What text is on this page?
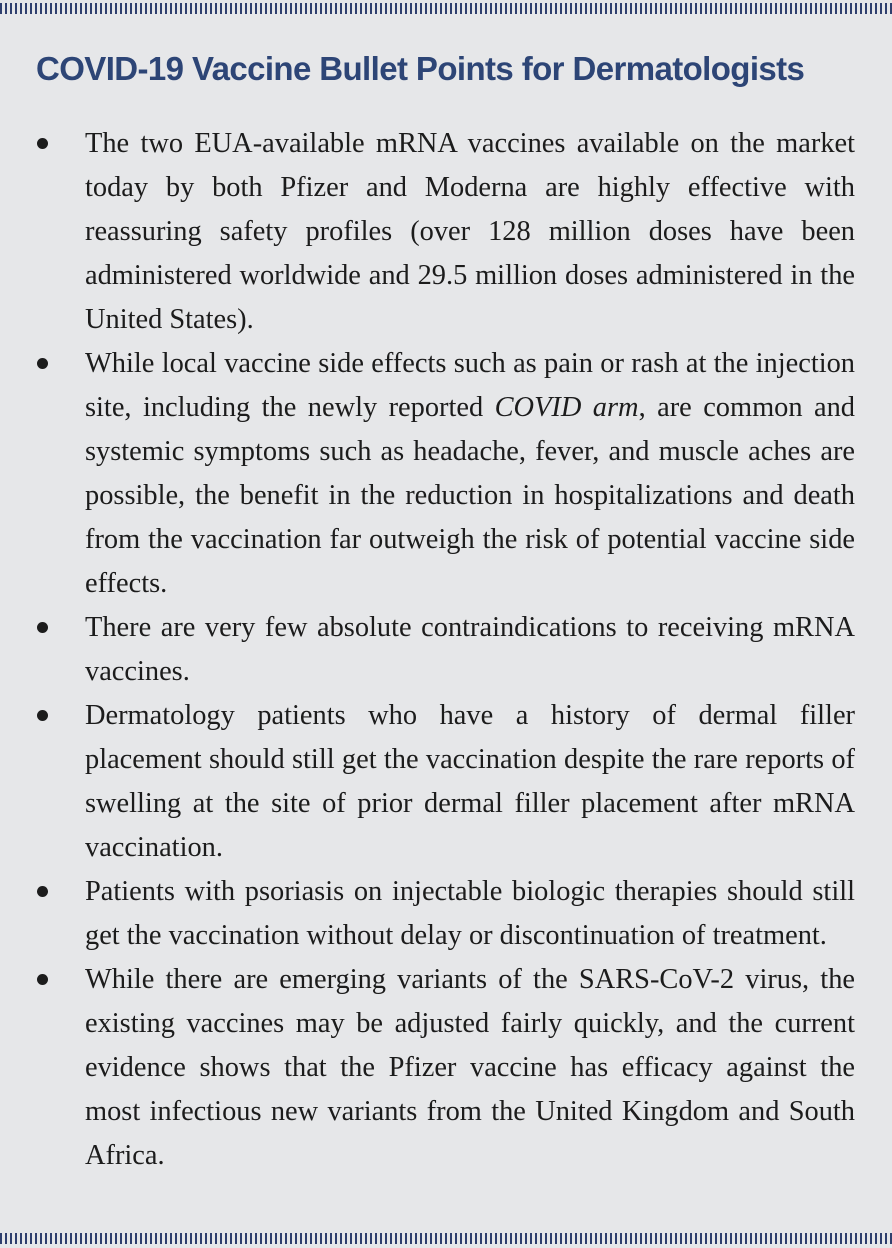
COVID-19 Vaccine Bullet Points for Dermatologists
The two EUA-available mRNA vaccines available on the market today by both Pfizer and Moderna are highly effective with reassuring safety profiles (over 128 million doses have been administered worldwide and 29.5 million doses administered in the United States).
While local vaccine side effects such as pain or rash at the injection site, including the newly reported COVID arm, are common and systemic symptoms such as headache, fever, and muscle aches are possible, the benefit in the reduction in hospitalizations and death from the vaccination far outweigh the risk of potential vaccine side effects.
There are very few absolute contraindications to receiving mRNA vaccines.
Dermatology patients who have a history of dermal filler placement should still get the vaccination despite the rare reports of swelling at the site of prior dermal filler placement after mRNA vaccination.
Patients with psoriasis on injectable biologic therapies should still get the vaccination without delay or discontinuation of treatment.
While there are emerging variants of the SARS-CoV-2 virus, the existing vaccines may be adjusted fairly quickly, and the current evidence shows that the Pfizer vaccine has efficacy against the most infectious new variants from the United Kingdom and South Africa.
